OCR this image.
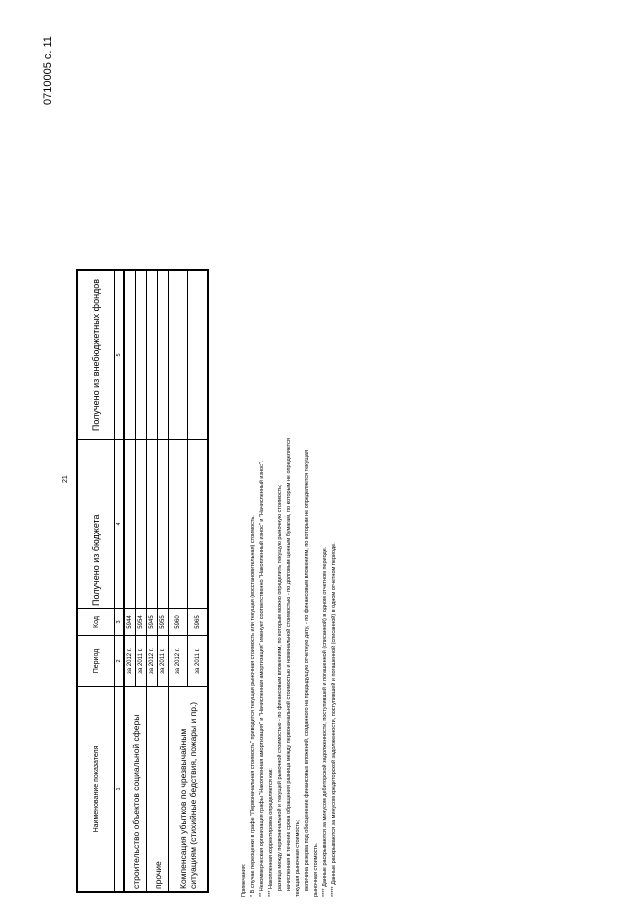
0710005 с. 11
21
Наименование показателя	Период	Код	Получено из бюджета	Получено из внебюджетных фондов
1	2	3	4	5
строительство объектов социальной сферы	за 2012 г.	5944		
	за 2011 г.	5954		
прочие	за 2012 г.	5945		
	за 2011 г.	5955		
Компенсация убытков по чрезвычайным ситуациям (стихийные бедствия, пожары и пр.)	за 2012 г.	5960		
	за 2011 г.	5965		
Примечания: * В случае переоценки в графе "Первоначальная стоимость" приводится текущая рыночная стоимость или текущая (восстановительная) стоимость. ** Некоммерческая организация графы "Накопленная амортизация" и "Начисленная амортизация" именует соответственно "Накопленный износ" и "Начисленный износ". *** Накопленная корректировка определяется как: разница между первоначальной и текущей рыночной стоимостью - по финансовым вложениям, по которым можно определить текущую рыночную стоимость; начисленная в течение срока обращения разница между первоначальной стоимостью и номинальной стоимостью - по долговым ценным бумагам, по которым не определяется текущая рыночная стоимость; величина резерва под обесценение финансовых вложений, созданного на предыдущую отчетную дату, - по финансовым вложениям, по которым не определяется текущая рыночная стоимость. **** Данные раскрываются за минусом дебиторской задолженности, поступившей и погашенной (списанной) в одном отчетном периоде. ***** Данные раскрываются за минусом кредиторской задолженности, поступившей и погашенной (списанной) в одном отчетном периоде.
